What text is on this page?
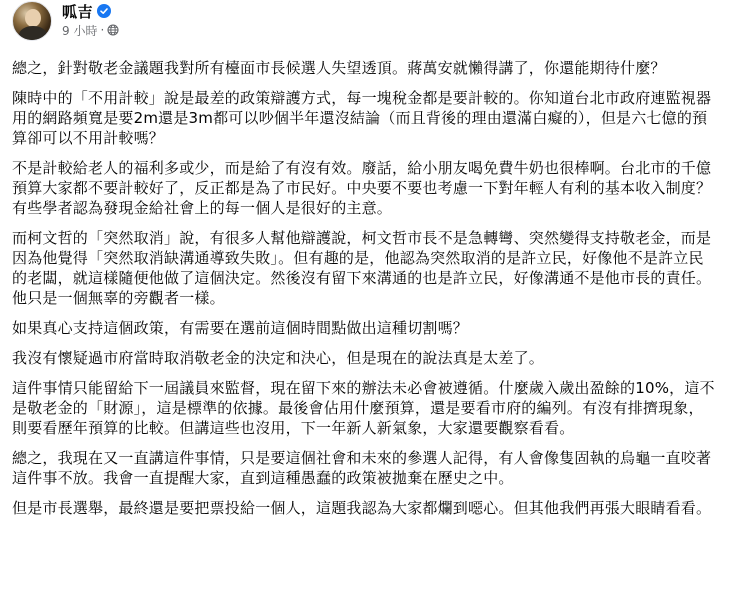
呱吉
9 小時 ·

總之，針對敬老金議題我對所有檯面市長候選人失望透頂。蔣萬安就懶得講了，你還能期待什麼？

陳時中的「不用計較」說是最差的政策辯護方式，每一塊稅金都是要計較的。你知道台北市政府連監視器用的網路頻寬是要2m還是3m都可以吵個半年還沒結論（而且背後的理由還滿白癡的），但是六七億的預算卻可以不用計較嗎？

不是計較給老人的福利多或少，而是給了有沒有效。廢話，給小朋友喝免費牛奶也很棒啊。台北市的千億預算大家都不要計較好了，反正都是為了市民好。中央要不要也考慮一下對年輕人有利的基本收入制度？有些學者認為發現金給社會上的每一個人是很好的主意。

而柯文哲的「突然取消」說，有很多人幫他辯護說，柯文哲市長不是急轉彎、突然變得支持敬老金，而是因為他覺得「突然取消缺溝通導致失敗」。但有趣的是，他認為突然取消的是許立民，好像他不是許立民的老闆，就這樣隨便他做了這個決定。然後沒有留下來溝通的也是許立民，好像溝通不是他市長的責任。他只是一個無辜的旁觀者一樣。

如果真心支持這個政策，有需要在選前這個時間點做出這種切割嗎？

我沒有懷疑過市府當時取消敬老金的決定和決心，但是現在的說法真是太差了。

這件事情只能留給下一屆議員來監督，現在留下來的辦法未必會被遵循。什麼歲入歲出盈餘的10%，這不是敬老金的「財源」，這是標準的依據。最後會佔用什麼預算，還是要看市府的編列。有沒有排擠現象，則要看歷年預算的比較。但講這些也沒用，下一年新人新氣象，大家還要觀察看看。

總之，我現在又一直講這件事情，只是要這個社會和未來的參選人記得，有人會像隻固執的烏龜一直咬著這件事不放。我會一直提醒大家，直到這種愚蠢的政策被拋棄在歷史之中。

但是市長選舉，最終還是要把票投給一個人，這題我認為大家都爛到噁心。但其他我們再張大眼睛看看。
